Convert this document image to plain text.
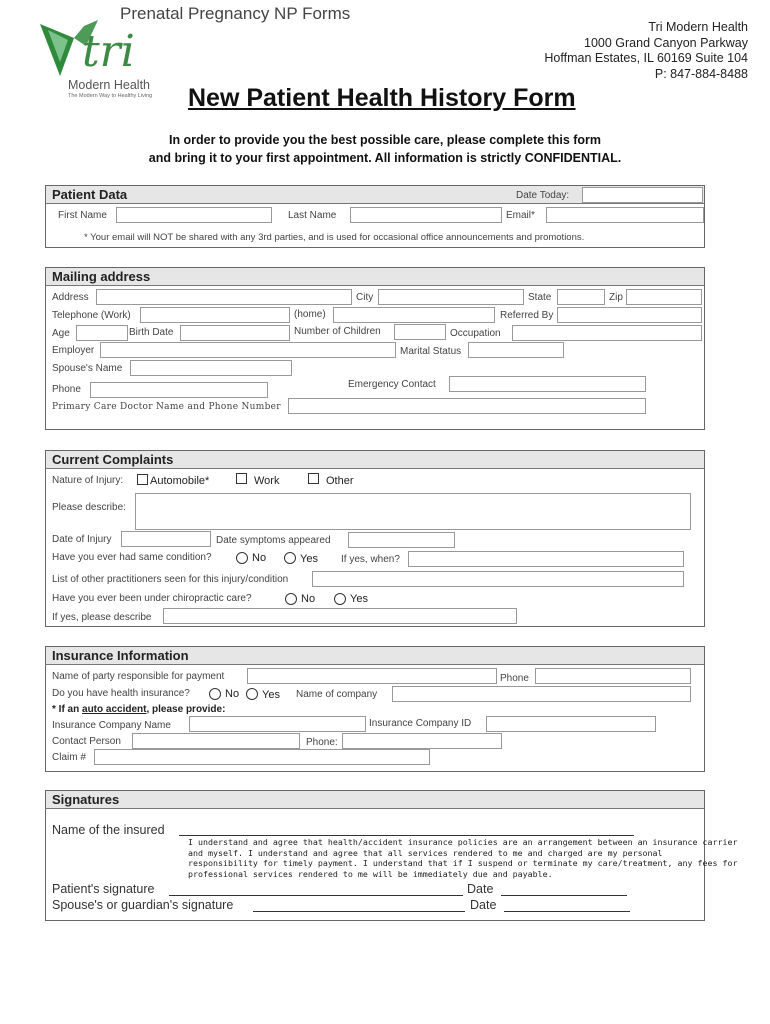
Prenatal Pregnancy NP Forms
tri
Modern Health
The Modern Way to Healthy Living
Tri Modern Health
1000 Grand Canyon Parkway
Hoffman Estates, IL 60169 Suite 104
P: 847-884-8488
New Patient Health History Form
In order to provide you the best possible care, please complete this form
and bring it to your first appointment. All information is strictly CONFIDENTIAL.
Patient Data	Date Today:
First Name	Last Name	Email*
* Your email will NOT be shared with any 3rd parties, and is used for occasional office announcements and promotions.
Mailing address
Address	City	State	Zip
Telephone (Work)	(home)	Referred By
Age	Birth Date	Number of Children	Occupation
Employer	Marital Status
Spouse's Name
Phone	Emergency Contact
Primary Care Doctor Name and Phone Number
Current Complaints
Nature of Injury: Automobile*	Work	Other
Please describe:
Date of Injury	Date symptoms appeared
Have you ever had same condition?	No	Yes If yes, when?
List of other practitioners seen for this injury/condition
Have you ever been under chiropractic care?	No	Yes
If yes, please describe
Insurance Information
Name of party responsible for payment	Phone
Do you have health insurance?	No Yes Name of company
* If an auto accident, please provide:
Insurance Company Name	Insurance Company ID
Contact Person	Phone:
Claim #
Signatures
Name of the insured
I understand and agree that health/accident insurance policies are an arrangement between an insurance carrier
and myself. I understand and agree that all services rendered to me and charged are my personal
responsibility for timely payment. I understand that if I suspend or terminate my care/treatment, any fees for
professional services rendered to me will be immediately due and payable.
Patient's signature	Date
Spouse's or guardian's signature	Date
